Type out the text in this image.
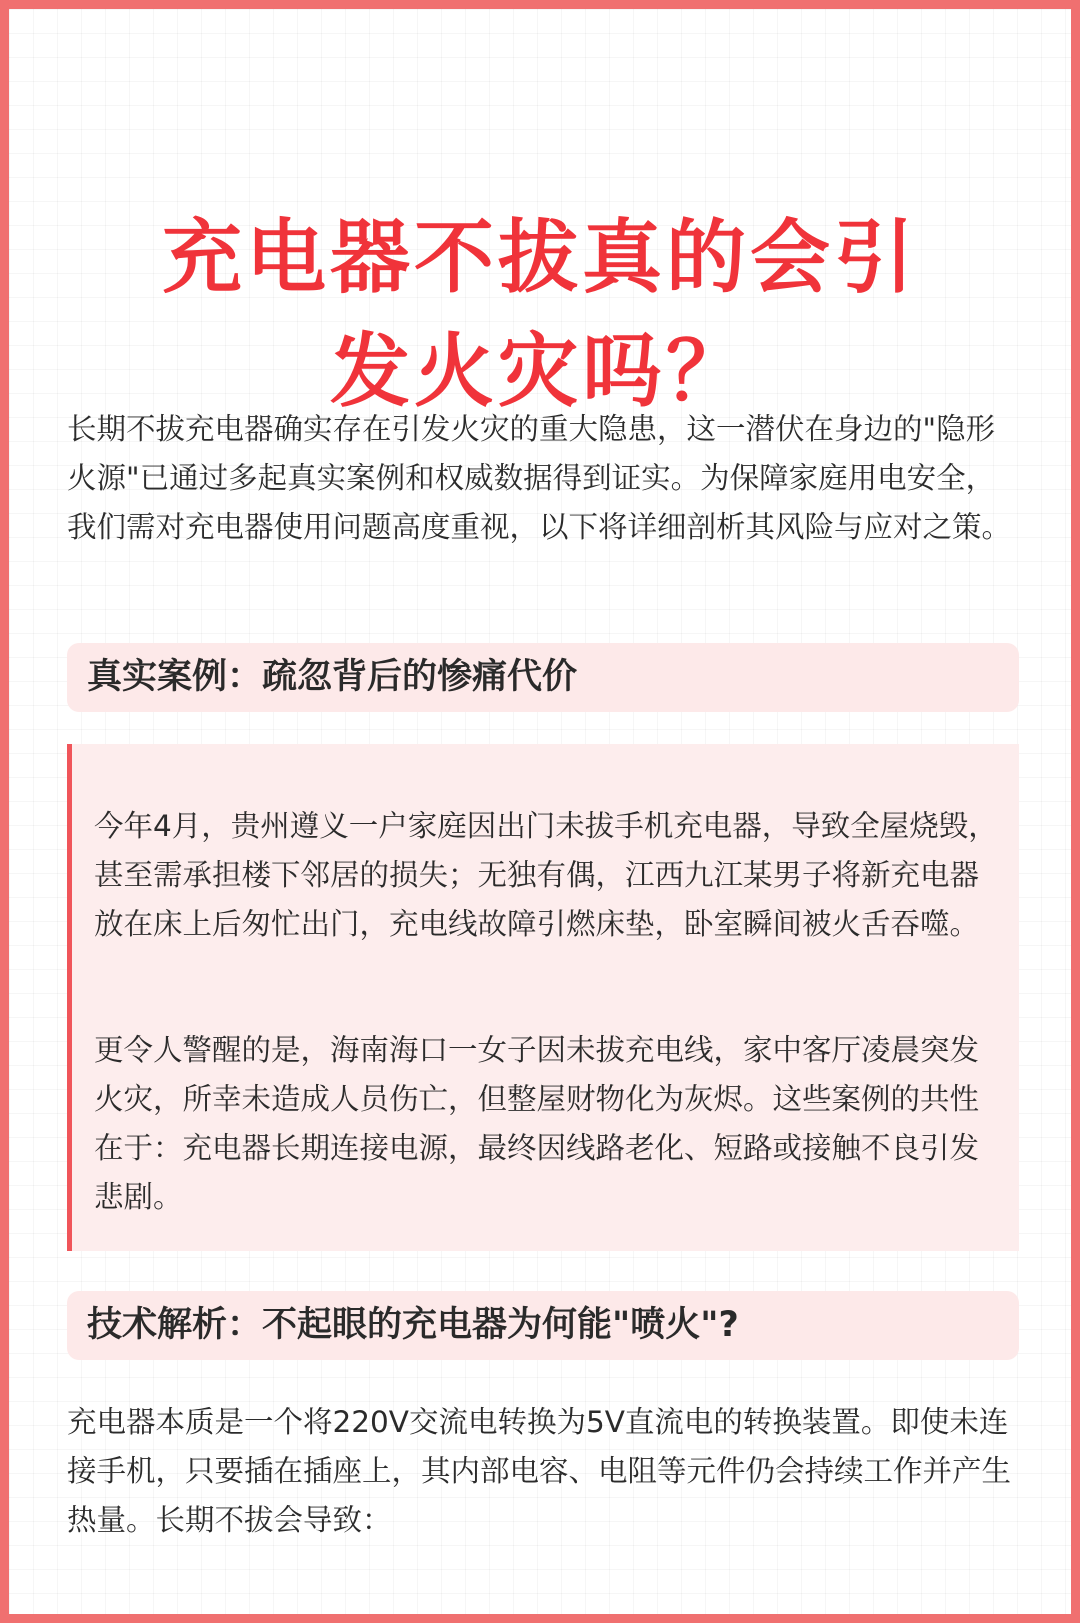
充电器不拔真的会引
发火灾吗？

长期不拔充电器确实存在引发火灾的重大隐患，这一潜伏在身边的"隐形火源"已通过多起真实案例和权威数据得到证实。为保障家庭用电安全，我们需对充电器使用问题高度重视，以下将详细剖析其风险与应对之策。

真实案例：疏忽背后的惨痛代价

今年4月，贵州遵义一户家庭因出门未拔手机充电器，导致全屋烧毁，甚至需承担楼下邻居的损失；无独有偶，江西九江某男子将新充电器放在床上后匆忙出门，充电线故障引燃床垫，卧室瞬间被火舌吞噬。

更令人警醒的是，海南海口一女子因未拔充电线，家中客厅凌晨突发火灾，所幸未造成人员伤亡，但整屋财物化为灰烬。这些案例的共性在于：充电器长期连接电源，最终因线路老化、短路或接触不良引发悲剧。

技术解析：不起眼的充电器为何能"喷火"?

充电器本质是一个将220V交流电转换为5V直流电的转换装置。即使未连接手机，只要插在插座上，其内部电容、电阻等元件仍会持续工作并产生热量。长期不拔会导致：
